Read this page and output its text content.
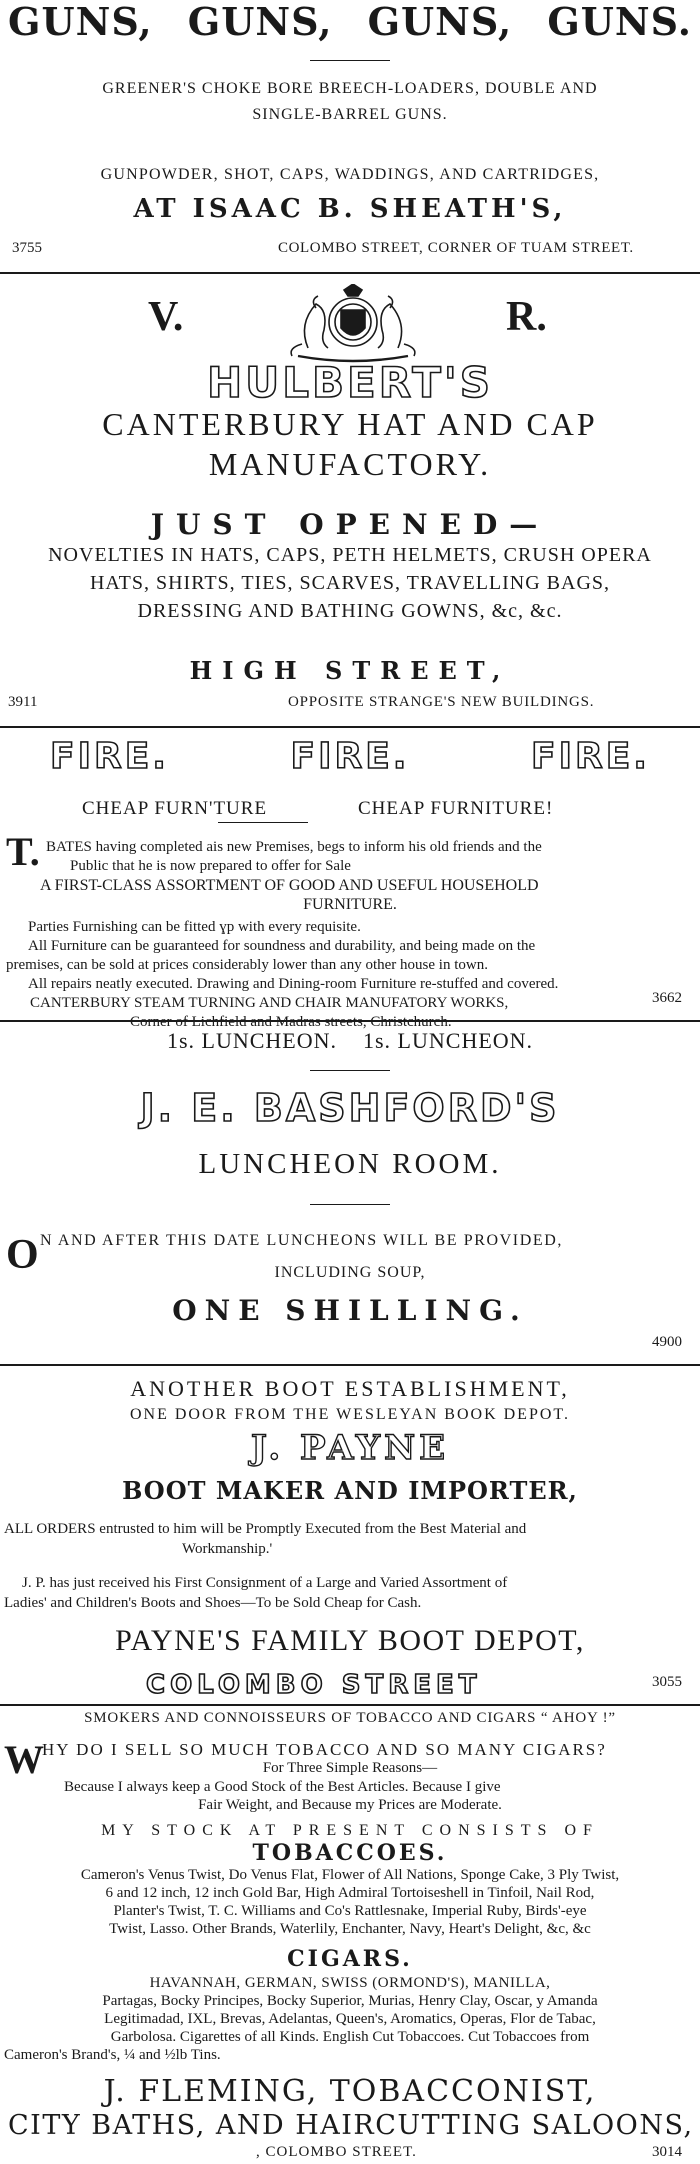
GUNS, GUNS, GUNS, GUNS.
GREENER'S CHOKE BORE BREECH-LOADERS, DOUBLE AND
SINGLE-BARREL GUNS.
GUNPOWDER, SHOT, CAPS, WADDINGS, AND CARTRIDGES,
AT ISAAC B. SHEATH'S,
3755	COLOMBO STREET, CORNER OF TUAM STREET.
V.	R.
HULBERT'S
CANTERBURY HAT AND CAP
MANUFACTORY.
JUST OPENED—
NOVELTIES IN HATS, CAPS, PETH HELMETS, CRUSH OPERA
HATS, SHIRTS, TIES, SCARVES, TRAVELLING BAGS,
DRESSING AND BATHING GOWNS, &c, &c.
HIGH STREET,
3911	OPPOSITE STRANGE'S NEW BUILDINGS.
FIRE.	FIRE.	FIRE.
CHEAP FURN'TURE	CHEAP FURNITURE!
T. BATES having completed ais new Premises, begs to inform his old friends and the
Public that he is now prepared to offer for Sale
A FIRST-CLASS ASSORTMENT OF GOOD AND USEFUL HOUSEHOLD
FURNITURE.
Parties Furnishing can be fitted ɣp with every requisite.
All Furniture can be guaranteed for soundness and durability, and being made on the
premises, can be sold at prices considerably lower than any other house in town.
All repairs neatly executed. Drawing and Dining-room Furniture re-stuffed and covered.
CANTERBURY STEAM TURNING AND CHAIR MANUFATORY WORKS,
Corner of Lichfield and Madras streets, Christchurch.
3662
1s. LUNCHEON.    1s. LUNCHEON.
J. E. BASHFORD'S
LUNCHEON ROOM.
O N AND AFTER THIS DATE LUNCHEONS WILL BE PROVIDED,
INCLUDING SOUP,
ONE SHILLING.
4900
ANOTHER BOOT ESTABLISHMENT,
ONE DOOR FROM THE WESLEYAN BOOK DEPOT.
J. PAYNE
BOOT MAKER AND IMPORTER,
ALL ORDERS entrusted to him will be Promptly Executed from the Best Material and
Workmanship.'
J. P. has just received his First Consignment of a Large and Varied Assortment of
Ladies' and Children's Boots and Shoes—To be Sold Cheap for Cash.
PAYNE'S FAMILY BOOT DEPOT,
COLOMBO STREET	3055
SMOKERS AND CONNOISSEURS OF TOBACCO AND CIGARS “ AHOY !”
W
HY DO I SELL SO MUCH TOBACCO AND SO MANY CIGARS?
For Three Simple Reasons—
Because I always keep a Good Stock of the Best Articles. Because I give
Fair Weight, and Because my Prices are Moderate.
MY STOCK AT PRESENT CONSISTS OF
TOBACCOES.
Cameron's Venus Twist, Do Venus Flat, Flower of All Nations, Sponge Cake, 3 Ply Twist,
6 and 12 inch, 12 inch Gold Bar, High Admiral Tortoiseshell in Tinfoil, Nail Rod,
Planter's Twist, T. C. Williams and Co's Rattlesnake, Imperial Ruby, Birds'-eye
Twist, Lasso. Other Brands, Waterlily, Enchanter, Navy, Heart's Delight, &c, &c
CIGARS.
HAVANNAH, GERMAN, SWISS (ORMOND'S), MANILLA,
Partagas, Bocky Principes, Bocky Superior, Murias, Henry Clay, Oscar, y Amanda
Legitimadad, IXL, Brevas, Adelantas, Queen's, Aromatics, Operas, Flor de Tabac,
Garbolosa. Cigarettes of all Kinds. English Cut Tobaccoes. Cut Tobaccoes from
Cameron's Brand's, ¼ and ½lb Tins.
J. FLEMING, TOBACCONIST,
CITY BATHS, AND HAIRCUTTING SALOONS,
, COLOMBO STREET.	3014
